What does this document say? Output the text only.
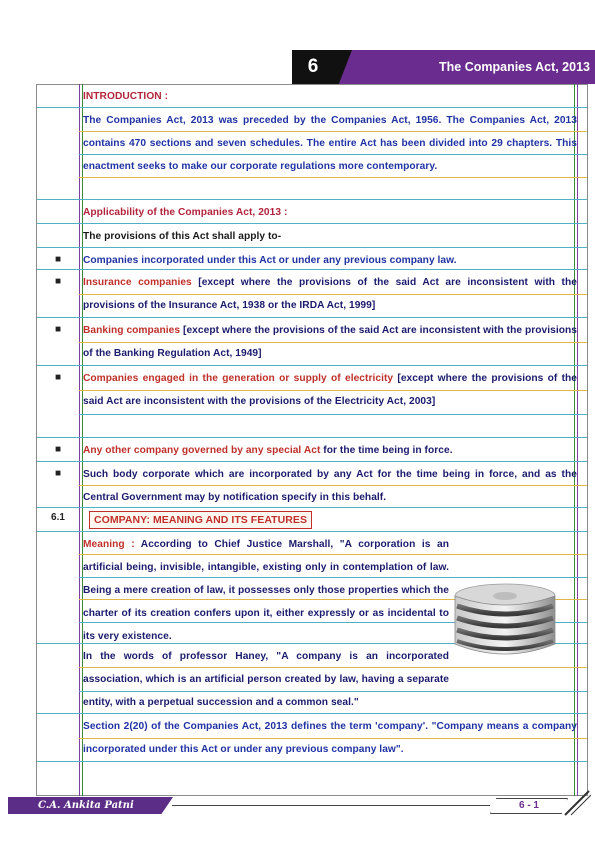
6	The Companies Act, 2013
INTRODUCTION :
The Companies Act, 2013 was preceded by the Companies Act, 1956. The Companies Act, 2013 contains 470 sections and seven schedules. The entire Act has been divided into 29 chapters. This enactment seeks to make our corporate regulations more contemporary.
Applicability of the Companies Act, 2013 :
The provisions of this Act shall apply to-
■	Companies incorporated under this Act or under any previous company law.
■	Insurance companies [except where the provisions of the said Act are inconsistent with the provisions of the Insurance Act, 1938 or the IRDA Act, 1999]
■	Banking companies [except where the provisions of the said Act are inconsistent with the provisions of the Banking Regulation Act, 1949]
■	Companies engaged in the generation or supply of electricity [except where the provisions of the said Act are inconsistent with the provisions of the Electricity Act, 2003]
■	Any other company governed by any special Act for the time being in force.
■	Such body corporate which are incorporated by any Act for the time being in force, and as the Central Government may by notification specify in this behalf.
6.1	COMPANY: MEANING AND ITS FEATURES
Meaning : According to Chief Justice Marshall, "A corporation is an artificial being, invisible, intangible, existing only in contemplation of law. Being a mere creation of law, it possesses only those properties which the charter of its creation confers upon it, either expressly or as incidental to its very existence.
In the words of professor Haney, "A company is an incorporated association, which is an artificial person created by law, having a separate entity, with a perpetual succession and a common seal."
Section 2(20) of the Companies Act, 2013 defines the term 'company'. "Company means a company incorporated under this Act or under any previous company law".
C.A. Ankita Patni	6 - 1
